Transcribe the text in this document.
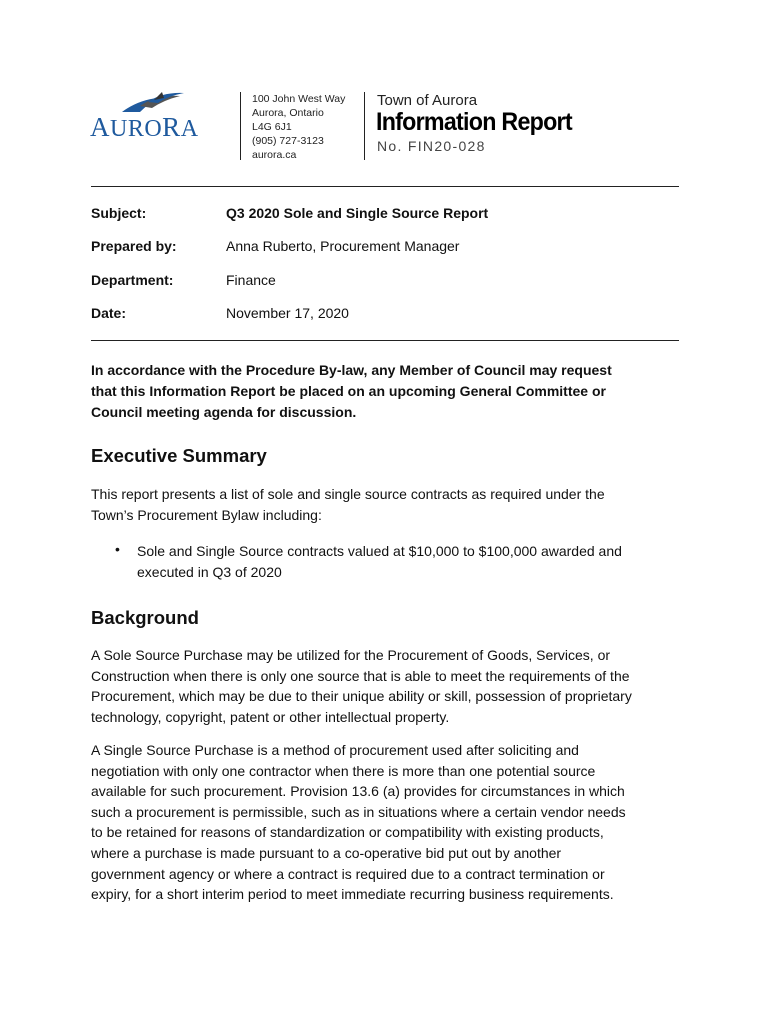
AURORA
100 John West Way
Aurora, Ontario
L4G 6J1
(905) 727-3123
aurora.ca
Town of Aurora
Information Report
No. FIN20-028
Subject:	Q3 2020 Sole and Single Source Report
Prepared by:	Anna Ruberto, Procurement Manager
Department:	Finance
Date:	November 17, 2020
In accordance with the Procedure By-law, any Member of Council may request
that this Information Report be placed on an upcoming General Committee or
Council meeting agenda for discussion.
Executive Summary
This report presents a list of sole and single source contracts as required under the
Town’s Procurement Bylaw including:
• Sole and Single Source contracts valued at $10,000 to $100,000 awarded and
executed in Q3 of 2020
Background
A Sole Source Purchase may be utilized for the Procurement of Goods, Services, or
Construction when there is only one source that is able to meet the requirements of the
Procurement, which may be due to their unique ability or skill, possession of proprietary
technology, copyright, patent or other intellectual property.
A Single Source Purchase is a method of procurement used after soliciting and
negotiation with only one contractor when there is more than one potential source
available for such procurement. Provision 13.6 (a) provides for circumstances in which
such a procurement is permissible, such as in situations where a certain vendor needs
to be retained for reasons of standardization or compatibility with existing products,
where a purchase is made pursuant to a co-operative bid put out by another
government agency or where a contract is required due to a contract termination or
expiry, for a short interim period to meet immediate recurring business requirements.
